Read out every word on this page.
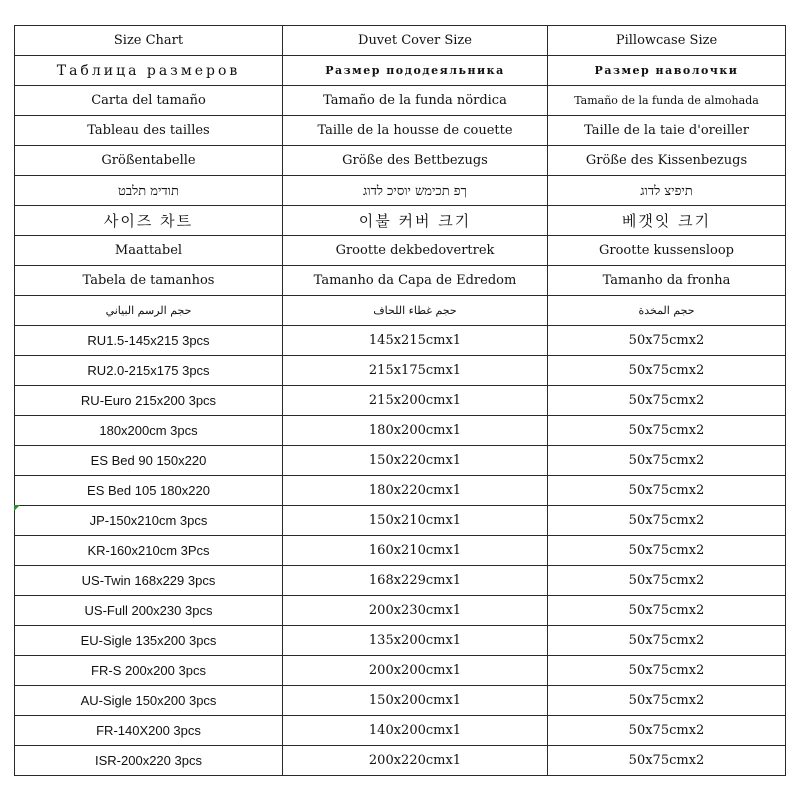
Size Chart	Duvet Cover Size	Pillowcase Size
Таблица размеров	Размер пододеяльника	Размер наволочки
Carta del tamaño	Tamaño de la funda nördica	Tamaño de la funda de almohada
Tableau des tailles	Taille de la housse de couette	Taille de la taie d'oreiller
Größentabelle	Größe des Bettbezugs	Größe des Kissenbezugs
תודימ תלבט	ךפ תכימש יוסיכ לדוג	תיפיצ לדוג
사이즈 차트	이불 커버 크기	베갯잇 크기
Maattabel	Grootte dekbedovertrek	Grootte kussensloop
Tabela de tamanhos	Tamanho da Capa de Edredom	Tamanho da fronha
حجم الرسم البياني	حجم غطاء اللحاف	حجم المخدة
RU1.5-145x215 3pcs	145x215cmx1	50x75cmx2
RU2.0-215x175 3pcs	215x175cmx1	50x75cmx2
RU-Euro 215x200 3pcs	215x200cmx1	50x75cmx2
180x200cm 3pcs	180x200cmx1	50x75cmx2
ES Bed 90 150x220	150x220cmx1	50x75cmx2
ES Bed 105 180x220	180x220cmx1	50x75cmx2
JP-150x210cm 3pcs	150x210cmx1	50x75cmx2
KR-160x210cm 3Pcs	160x210cmx1	50x75cmx2
US-Twin 168x229 3pcs	168x229cmx1	50x75cmx2
US-Full 200x230 3pcs	200x230cmx1	50x75cmx2
EU-Sigle 135x200 3pcs	135x200cmx1	50x75cmx2
FR-S 200x200 3pcs	200x200cmx1	50x75cmx2
AU-Sigle 150x200 3pcs	150x200cmx1	50x75cmx2
FR-140X200 3pcs	140x200cmx1	50x75cmx2
ISR-200x220 3pcs	200x220cmx1	50x75cmx2
